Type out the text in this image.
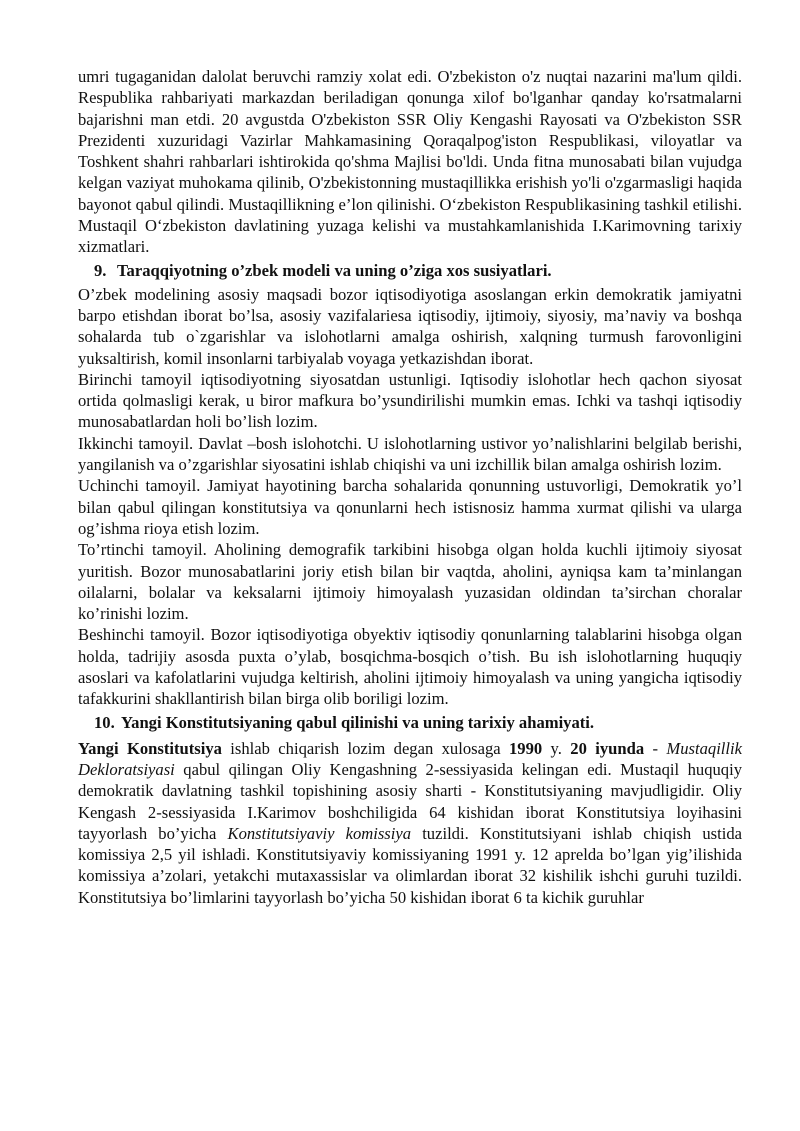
umri tugaganidan dalolat beruvchi ramziy xolat edi. O'zbekiston o'z nuqtai nazarini ma'lum qildi. Respublika rahbariyati markazdan beriladigan qonunga xilof bo'lganhar qanday ko'rsatmalarni bajarishni man etdi. 20 avgustda O'zbekiston SSR Oliy Kengashi Rayosati va O'zbekiston SSR Prezidenti xuzuridagi Vazirlar Mahkamasining Qoraqalpog'iston Respublikasi, viloyatlar va Toshkent shahri rahbarlari ishtirokida qo'shma Majlisi bo'ldi. Unda fitna munosabati bilan vujudga kelgan vaziyat muhokama qilinib, O'zbekistonning mustaqillikka erishish yo'li o'zgarmasligi haqida bayonot qabul qilindi. Mustaqillikning e’lon qilinishi. O‘zbekiston Respublikasining tashkil etilishi. Mustaqil O‘zbekiston davlatining yuzaga kelishi va mustahkamlanishida I.Karimovning tarixiy xizmatlari.

9. Taraqqiyotning o’zbek modeli va uning o’ziga xos susiyatlari.

O’zbek modelining asosiy maqsadi bozor iqtisodiyotiga asoslangan erkin demokratik jamiyatni barpo etishdan iborat bo’lsa, asosiy vazifalariesa iqtisodiy, ijtimoiy, siyosiy, ma’naviy va boshqa sohalarda tub o`zgarishlar va islohotlarni amalga oshirish, xalqning turmush farovonligini yuksaltirish, komil insonlarni tarbiyalab voyaga yetkazishdan iborat.

Birinchi tamoyil iqtisodiyotning siyosatdan ustunligi. Iqtisodiy islohotlar hech qachon siyosat ortida qolmasligi kerak, u biror mafkura bo’ysundirilishi mumkin emas. Ichki va tashqi iqtisodiy munosabatlardan holi bo’lish lozim.

Ikkinchi tamoyil. Davlat –bosh islohotchi. U islohotlarning ustivor yo’nalishlarini belgilab berishi, yangilanish va o’zgarishlar siyosatini ishlab chiqishi va uni izchillik bilan amalga oshirish lozim.

Uchinchi tamoyil. Jamiyat hayotining barcha sohalarida qonunning ustuvorligi, Demokratik yo’l bilan qabul qilingan konstitutsiya va qonunlarni hech istisnosiz hamma xurmat qilishi va ularga og’ishma rioya etish lozim.

To’rtinchi tamoyil. Aholining demografik tarkibini hisobga olgan holda kuchli ijtimoiy siyosat yuritish. Bozor munosabatlarini joriy etish bilan bir vaqtda, aholini, ayniqsa kam ta’minlangan oilalarni, bolalar va keksalarni ijtimoiy himoyalash yuzasidan oldindan ta’sirchan choralar ko’rinishi lozim.

Beshinchi tamoyil. Bozor iqtisodiyotiga obyektiv iqtisodiy qonunlarning talablarini hisobga olgan holda, tadrijiy asosda puxta o’ylab, bosqichma-bosqich o’tish. Bu ish islohotlarning huquqiy asoslari va kafolatlarini vujudga keltirish, aholini ijtimoiy himoyalash va uning yangicha iqtisodiy tafakkurini shakllantirish bilan birga olib boriligi lozim.

10. Yangi Konstitutsiyaning qabul qilinishi va uning tarixiy ahamiyati.

Yangi Konstitutsiya ishlab chiqarish lozim degan xulosaga 1990 y. 20 iyunda - Mustaqillik Dekloratsiyasi qabul qilingan Oliy Kengashning 2-sessiyasida kelingan edi. Mustaqil huquqiy demokratik davlatning tashkil topishining asosiy sharti - Konstitutsiyaning mavjudligidir. Oliy Kengash 2-sessiyasida I.Karimov boshchiligida 64 kishidan iborat Konstitutsiya loyihasini tayyorlash bo’yicha Konstitutsiyaviy komissiya tuzildi. Konstitutsiyani ishlab chiqish ustida komissiya 2,5 yil ishladi. Konstitutsiyaviy komissiyaning 1991 y. 12 aprelda bo’lgan yig’ilishida komissiya a’zolari, yetakchi mutaxassislar va olimlardan iborat 32 kishilik ishchi guruhi tuzildi. Konstitutsiya bo’limlarini tayyorlash bo’yicha 50 kishidan iborat 6 ta kichik guruhlar
